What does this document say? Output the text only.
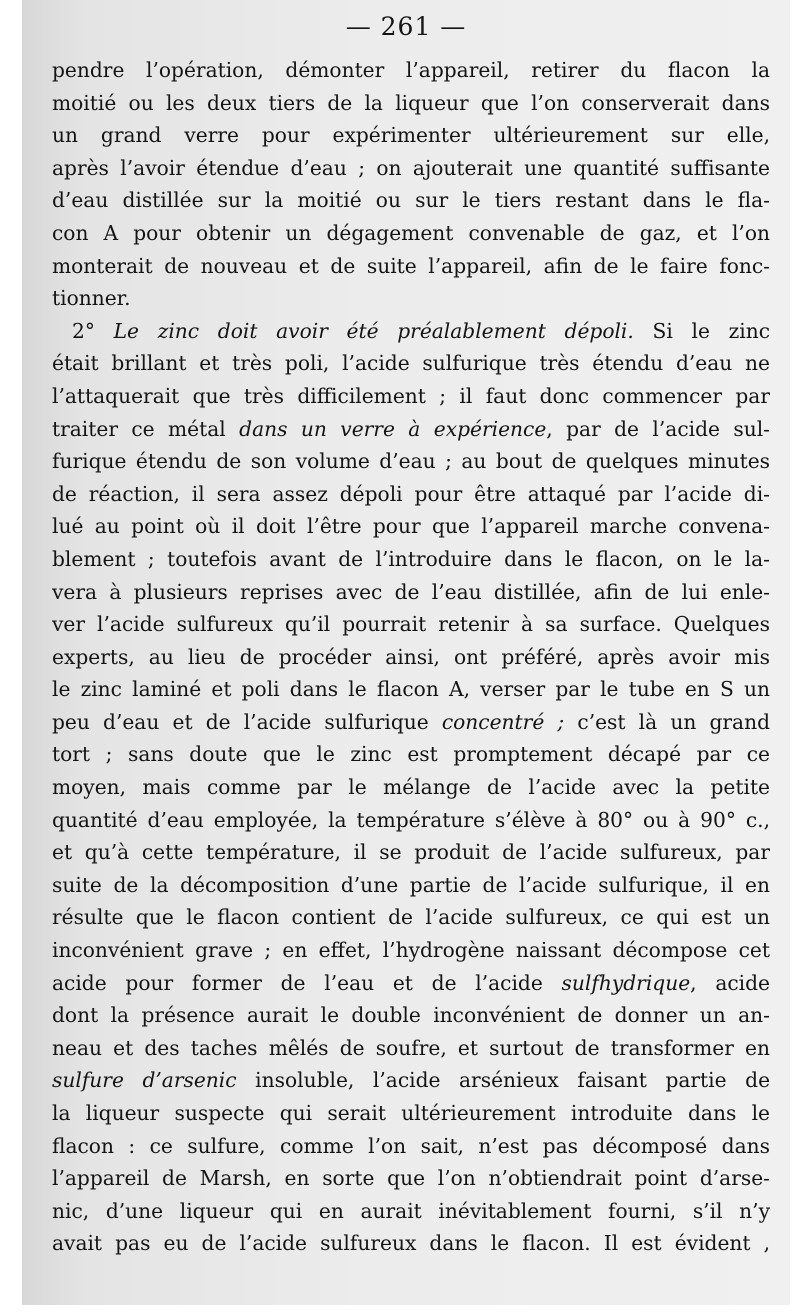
— 261 —
pendre l’opération, démonter l’appareil, retirer du flacon la
moitié ou les deux tiers de la liqueur que l’on conserverait dans
un grand verre pour expérimenter ultérieurement sur elle,
après l’avoir étendue d’eau ; on ajouterait une quantité suffisante
d’eau distillée sur la moitié ou sur le tiers restant dans le fla-
con A pour obtenir un dégagement convenable de gaz, et l’on
monterait de nouveau et de suite l’appareil, afin de le faire fonc-
tionner.
2° Le zinc doit avoir été préalablement dépoli. Si le zinc
était brillant et très poli, l’acide sulfurique très étendu d’eau ne
l’attaquerait que très difficilement ; il faut donc commencer par
traiter ce métal dans un verre à expérience, par de l’acide sul-
furique étendu de son volume d’eau ; au bout de quelques minutes
de réaction, il sera assez dépoli pour être attaqué par l’acide di-
lué au point où il doit l’être pour que l’appareil marche convena-
blement ; toutefois avant de l’introduire dans le flacon, on le la-
vera à plusieurs reprises avec de l’eau distillée, afin de lui enle-
ver l’acide sulfureux qu’il pourrait retenir à sa surface. Quelques
experts, au lieu de procéder ainsi, ont préféré, après avoir mis
le zinc laminé et poli dans le flacon A, verser par le tube en S un
peu d’eau et de l’acide sulfurique concentré ; c’est là un grand
tort ; sans doute que le zinc est promptement décapé par ce
moyen, mais comme par le mélange de l’acide avec la petite
quantité d’eau employée, la température s’élève à 80° ou à 90° c.,
et qu’à cette température, il se produit de l’acide sulfureux, par
suite de la décomposition d’une partie de l’acide sulfurique, il en
résulte que le flacon contient de l’acide sulfureux, ce qui est un
inconvénient grave ; en effet, l’hydrogène naissant décompose cet
acide pour former de l’eau et de l’acide sulfhydrique, acide
dont la présence aurait le double inconvénient de donner un an-
neau et des taches mêlés de soufre, et surtout de transformer en
sulfure d’arsenic insoluble, l’acide arsénieux faisant partie de
la liqueur suspecte qui serait ultérieurement introduite dans le
flacon : ce sulfure, comme l’on sait, n’est pas décomposé dans
l’appareil de Marsh, en sorte que l’on n’obtiendrait point d’arse-
nic, d’une liqueur qui en aurait inévitablement fourni, s’il n’y
avait pas eu de l’acide sulfureux dans le flacon. Il est évident ,
